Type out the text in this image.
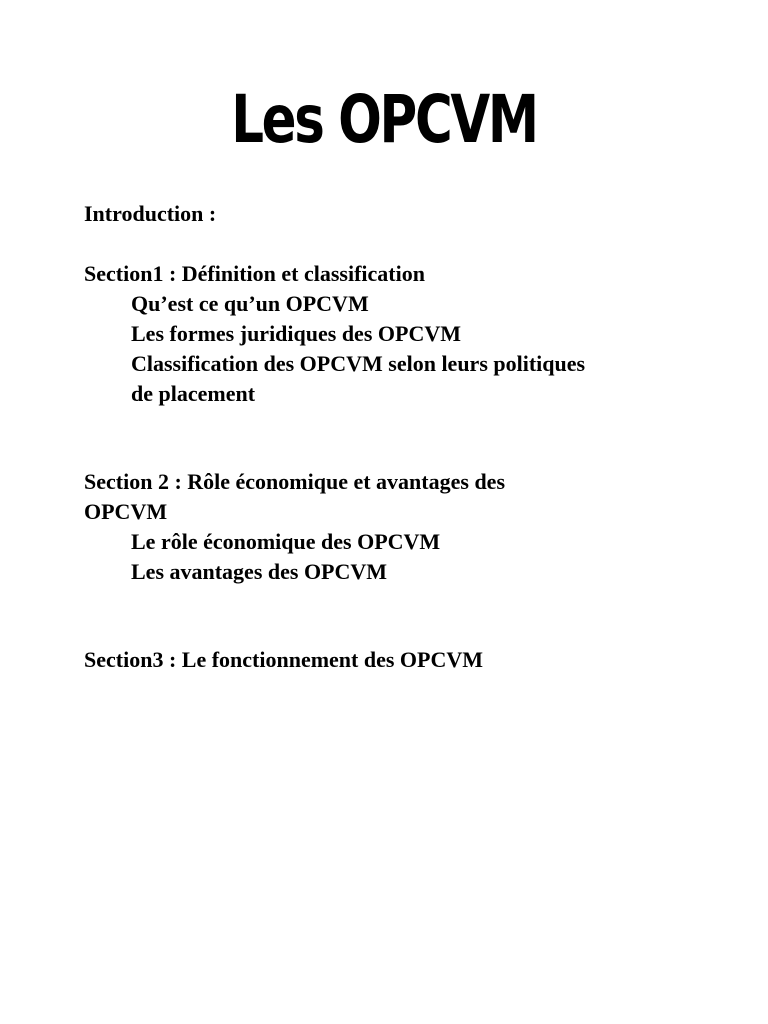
Les OPCVM
Introduction :
Section1 : Définition et classification
Qu’est ce qu’un OPCVM
Les formes juridiques des OPCVM
Classification des OPCVM selon leurs politiques
de placement
Section 2 : Rôle économique et avantages des
OPCVM
Le rôle économique des OPCVM
Les avantages des OPCVM
Section3 : Le fonctionnement des OPCVM
